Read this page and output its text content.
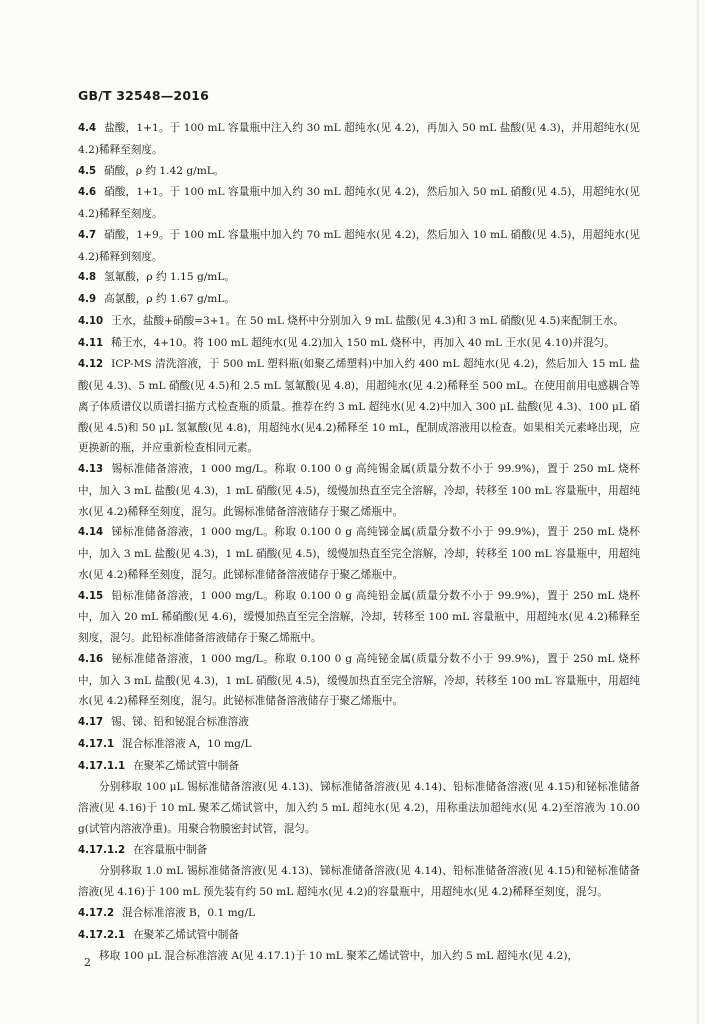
GB/T 32548—2016

4.4 盐酸，1+1。于 100 mL 容量瓶中注入约 30 mL 超纯水(见 4.2)，再加入 50 mL 盐酸(见 4.3)，并用超纯水(见 4.2)稀释至刻度。

4.5 硝酸，ρ 约 1.42 g/mL。

4.6 硝酸，1+1。于 100 mL 容量瓶中加入约 30 mL 超纯水(见 4.2)，然后加入 50 mL 硝酸(见 4.5)，用超纯水(见 4.2)稀释至刻度。

4.7 硝酸，1+9。于 100 mL 容量瓶中加入约 70 mL 超纯水(见 4.2)，然后加入 10 mL 硝酸(见 4.5)，用超纯水(见 4.2)稀释到刻度。

4.8 氢氟酸，ρ 约 1.15 g/mL。

4.9 高氯酸，ρ 约 1.67 g/mL。

4.10 王水，盐酸+硝酸=3+1。在 50 mL 烧杯中分别加入 9 mL 盐酸(见 4.3)和 3 mL 硝酸(见 4.5)来配制王水。

4.11 稀王水，4+10。将 100 mL 超纯水(见 4.2)加入 150 mL 烧杯中，再加入 40 mL 王水(见 4.10)并混匀。

4.12 ICP-MS 清洗溶液，于 500 mL 塑料瓶(如聚乙烯塑料)中加入约 400 mL 超纯水(见 4.2)，然后加入 15 mL 盐酸(见 4.3)、5 mL 硝酸(见 4.5)和 2.5 mL 氢氟酸(见 4.8)，用超纯水(见 4.2)稀释至 500 mL。在使用前用电感耦合等离子体质谱仪以质谱扫描方式检查瓶的质量。推荐在约 3 mL 超纯水(见 4.2)中加入 300 μL 盐酸(见 4.3)、100 μL 硝酸(见 4.5)和 50 μL 氢氟酸(见 4.8)，用超纯水(见4.2)稀释至 10 mL，配制成溶液用以检查。如果相关元素峰出现，应更换新的瓶，并应重新检查相同元素。

4.13 锡标准储备溶液，1 000 mg/L。称取 0.100 0 g 高纯锡金属(质量分数不小于 99.9%)，置于 250 mL 烧杯中，加入 3 mL 盐酸(见 4.3)，1 mL 硝酸(见 4.5)，缓慢加热直至完全溶解，冷却，转移至 100 mL 容量瓶中，用超纯水(见 4.2)稀释至刻度，混匀。此锡标准储备溶液储存于聚乙烯瓶中。

4.14 锑标准储备溶液，1 000 mg/L。称取 0.100 0 g 高纯锑金属(质量分数不小于 99.9%)，置于 250 mL 烧杯中，加入 3 mL 盐酸(见 4.3)，1 mL 硝酸(见 4.5)，缓慢加热直至完全溶解，冷却，转移至 100 mL 容量瓶中，用超纯水(见 4.2)稀释至刻度，混匀。此锑标准储备溶液储存于聚乙烯瓶中。

4.15 铅标准储备溶液，1 000 mg/L。称取 0.100 0 g 高纯铅金属(质量分数不小于 99.9%)，置于 250 mL 烧杯中，加入 20 mL 稀硝酸(见 4.6)，缓慢加热直至完全溶解，冷却，转移至 100 mL 容量瓶中，用超纯水(见 4.2)稀释至刻度，混匀。此铅标准储备溶液储存于聚乙烯瓶中。

4.16 铋标准储备溶液，1 000 mg/L。称取 0.100 0 g 高纯铋金属(质量分数不小于 99.9%)，置于 250 mL 烧杯中，加入 3 mL 盐酸(见 4.3)，1 mL 硝酸(见 4.5)，缓慢加热直至完全溶解，冷却，转移至 100 mL 容量瓶中，用超纯水(见 4.2)稀释至刻度，混匀。此铋标准储备溶液储存于聚乙烯瓶中。

4.17 锡、锑、铅和铋混合标准溶液

4.17.1 混合标准溶液 A，10 mg/L

4.17.1.1 在聚苯乙烯试管中制备

分别移取 100 μL 锡标准储备溶液(见 4.13)、锑标准储备溶液(见 4.14)、铅标准储备溶液(见 4.15)和铋标准储备溶液(见 4.16)于 10 mL 聚苯乙烯试管中，加入约 5 mL 超纯水(见 4.2)，用称重法加超纯水(见 4.2)至溶液为 10.00 g(试管内溶液净重)。用聚合物膜密封试管，混匀。

4.17.1.2 在容量瓶中制备

分别移取 1.0 mL 锡标准储备溶液(见 4.13)、锑标准储备溶液(见 4.14)、铅标准储备溶液(见 4.15)和铋标准储备溶液(见 4.16)于 100 mL 预先装有约 50 mL 超纯水(见 4.2)的容量瓶中，用超纯水(见 4.2)稀释至刻度，混匀。

4.17.2 混合标准溶液 B，0.1 mg/L

4.17.2.1 在聚苯乙烯试管中制备

移取 100 μL 混合标准溶液 A(见 4.17.1)于 10 mL 聚苯乙烯试管中，加入约 5 mL 超纯水(见 4.2)，

2
